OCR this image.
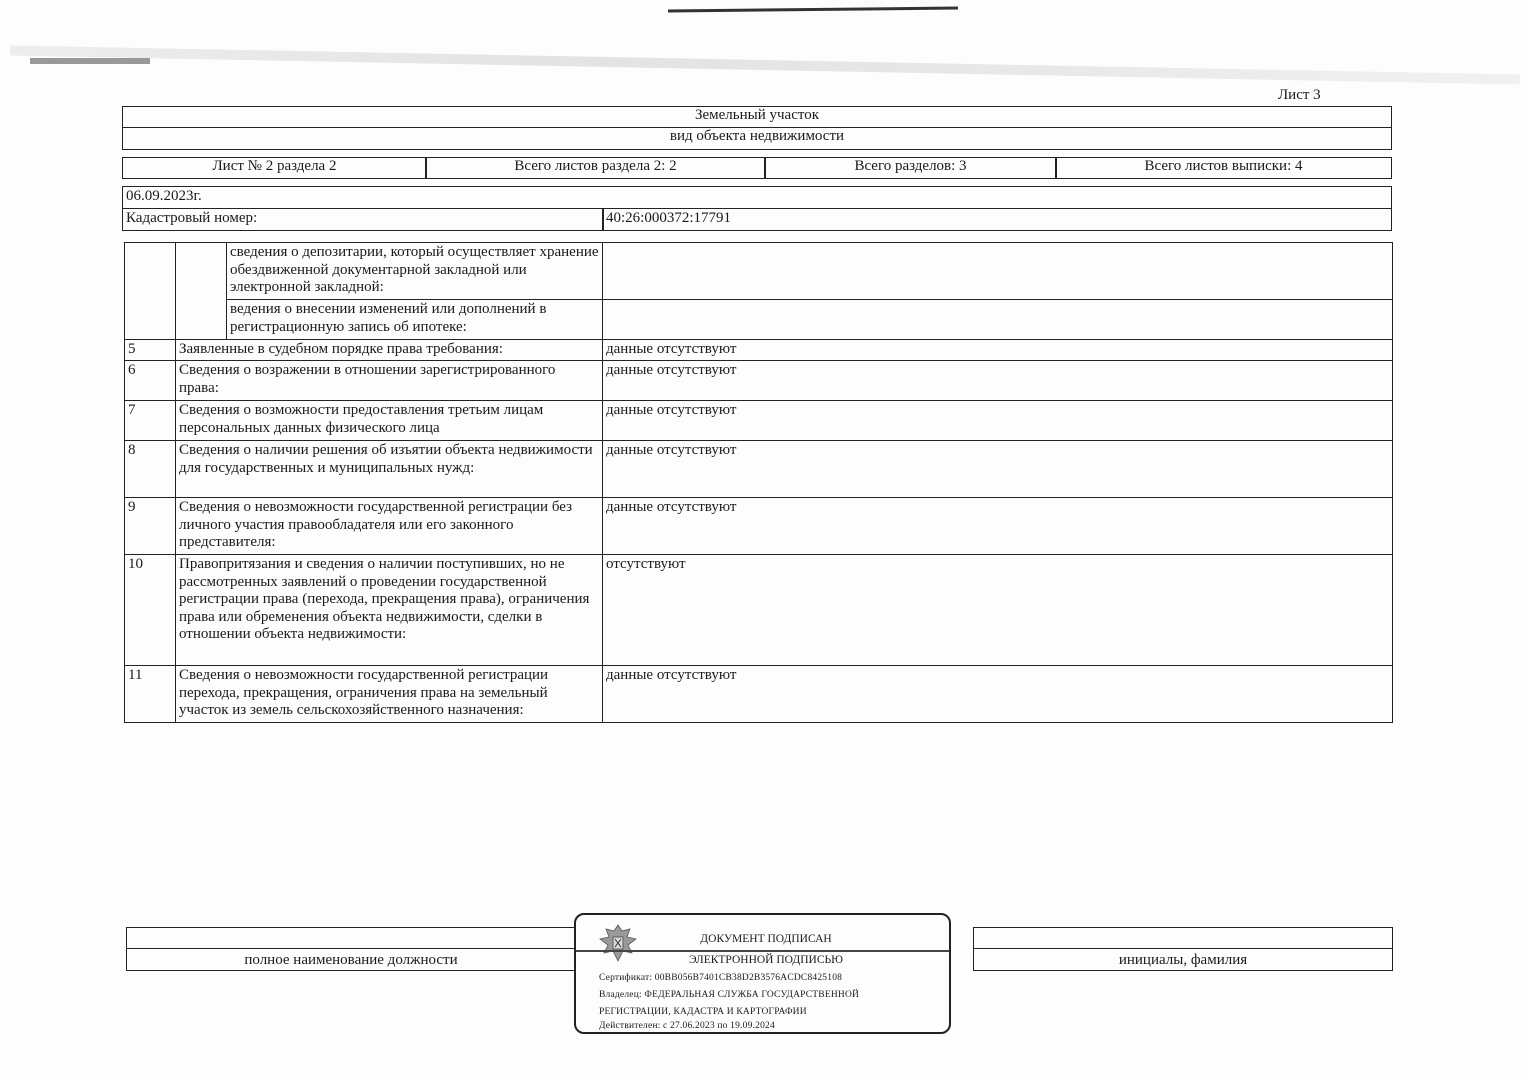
Лист 3
Земельный участок
вид объекта недвижимости
Лист № 2 раздела 2	Всего листов раздела 2: 2	Всего разделов: 3	Всего листов выписки: 4
06.09.2023г.
Кадастровый номер:	40:26:000372:17791
		сведения о депозитарии, который осуществляет хранение обездвиженной документарной закладной или электронной закладной:	
		ведения о внесении изменений или дополнений в регистрационную запись об ипотеке:	
5	Заявленные в судебном порядке права требования:		данные отсутствуют
6	Сведения о возражении в отношении зарегистрированного права:		данные отсутствуют
7	Сведения о возможности предоставления третьим лицам персональных данных физического лица		данные отсутствуют
8	Сведения о наличии решения об изъятии объекта недвижимости для государственных и муниципальных нужд:		данные отсутствуют
9	Сведения о невозможности государственной регистрации без личного участия правообладателя или его законного представителя:		данные отсутствуют
10	Правопритязания и сведения о наличии поступивших, но не рассмотренных заявлений о проведении государственной регистрации права (перехода, прекращения права), ограничения права или обременения объекта недвижимости, сделки в отношении объекта недвижимости:		отсутствуют
11	Сведения о невозможности государственной регистрации перехода, прекращения, ограничения права на земельный участок из земель сельскохозяйственного назначения:		данные отсутствуют
полное наименование должности	инициалы, фамилия
ДОКУМЕНТ ПОДПИСАН
ЭЛЕКТРОННОЙ ПОДПИСЬЮ
Сертификат: 00BB056B7401CB38D2B3576ACDC8425108
Владелец: ФЕДЕРАЛЬНАЯ СЛУЖБА ГОСУДАРСТВЕННОЙ
РЕГИСТРАЦИИ, КАДАСТРА И КАРТОГРАФИИ
Действителен: с 27.06.2023 по 19.09.2024
